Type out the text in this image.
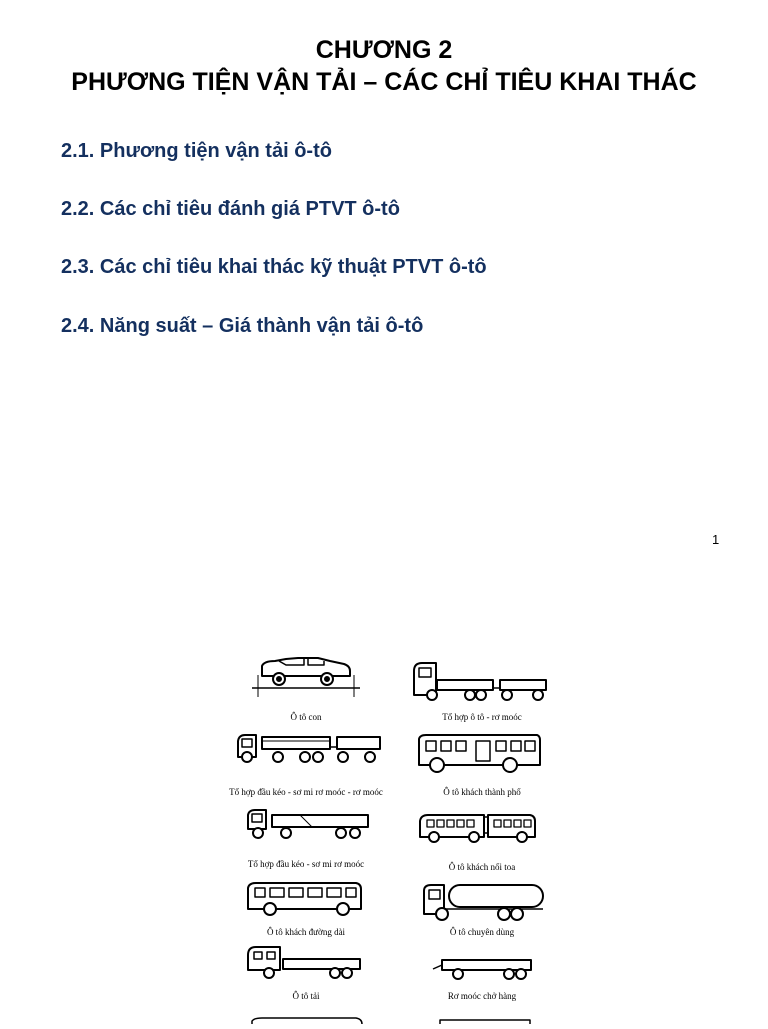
CHƯƠNG 2
PHƯƠNG TIỆN VẬN TẢI – CÁC CHỈ TIÊU KHAI THÁC
2.1. Phương tiện vận tải ô-tô
2.2. Các chỉ tiêu đánh giá PTVT ô-tô
2.3. Các chỉ tiêu khai thác kỹ thuật PTVT ô-tô
2.4. Năng suất – Giá thành vận tải ô-tô
1
Ô tô con	Tổ hợp ô tô - rơ moóc
Tổ hợp đầu kéo - sơ mi rơ moóc - rơ moóc	Ô tô khách thành phố
Tổ hợp đầu kéo - sơ mi rơ moóc	Ô tô khách nối toa
Ô tô khách đường dài	Ô tô chuyên dùng
Ô tô tải	Rơ moóc chở hàng
